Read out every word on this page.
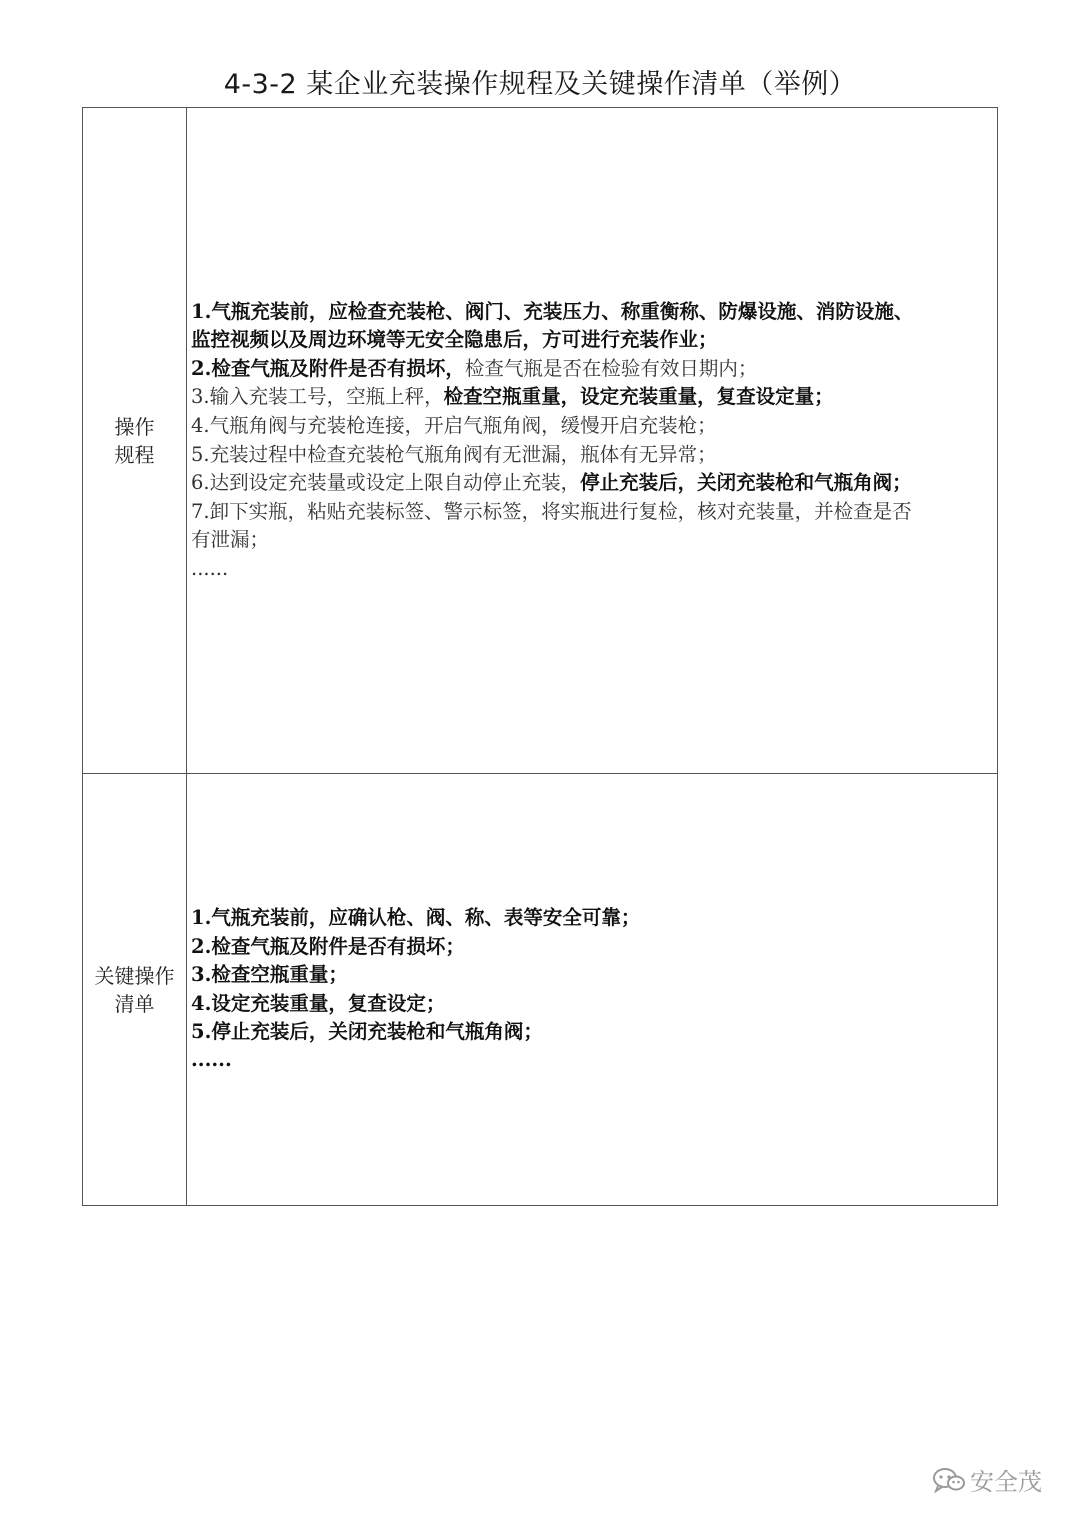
4-3-2 某企业充装操作规程及关键操作清单（举例）
操作
规程
1.气瓶充装前，应检查充装枪、阀门、充装压力、称重衡称、防爆设施、消防设施、
监控视频以及周边环境等无安全隐患后，方可进行充装作业；
2.检查气瓶及附件是否有损坏，检查气瓶是否在检验有效日期内；
3.输入充装工号，空瓶上秤，检查空瓶重量，设定充装重量，复查设定量；
4.气瓶角阀与充装枪连接，开启气瓶角阀，缓慢开启充装枪；
5.充装过程中检查充装枪气瓶角阀有无泄漏，瓶体有无异常；
6.达到设定充装量或设定上限自动停止充装，停止充装后，关闭充装枪和气瓶角阀；
7.卸下实瓶，粘贴充装标签、警示标签，将实瓶进行复检，核对充装量，并检查是否
有泄漏；
......
关键操作
清单
1.气瓶充装前，应确认枪、阀、称、表等安全可靠；
2.检查气瓶及附件是否有损坏；
3.检查空瓶重量；
4.设定充装重量，复查设定；
5.停止充装后，关闭充装枪和气瓶角阀；
......
安全茂
